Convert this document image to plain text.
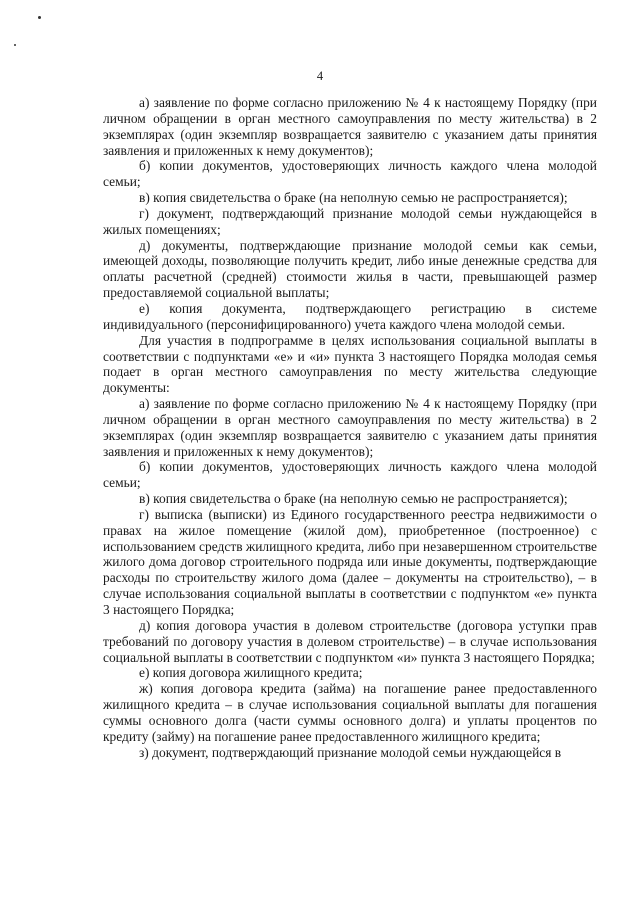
4

а) заявление по форме согласно приложению № 4 к настоящему Порядку (при личном обращении в орган местного самоуправления по месту жительства) в 2 экземплярах (один экземпляр возвращается заявителю с указанием даты принятия заявления и приложенных к нему документов);

б) копии документов, удостоверяющих личность каждого члена молодой семьи;

в) копия свидетельства о браке (на неполную семью не распространяется);

г) документ, подтверждающий признание молодой семьи нуждающейся в жилых помещениях;

д) документы, подтверждающие признание молодой семьи как семьи, имеющей доходы, позволяющие получить кредит, либо иные денежные средства для оплаты расчетной (средней) стоимости жилья в части, превышающей размер предоставляемой социальной выплаты;

е) копия документа, подтверждающего регистрацию в системе индивидуального (персонифицированного) учета каждого члена молодой семьи.

Для участия в подпрограмме в целях использования социальной выплаты в соответствии с подпунктами «е» и «и» пункта 3 настоящего Порядка молодая семья подает в орган местного самоуправления по месту жительства следующие документы:

а) заявление по форме согласно приложению № 4 к настоящему Порядку (при личном обращении в орган местного самоуправления по месту жительства) в 2 экземплярах (один экземпляр возвращается заявителю с указанием даты принятия заявления и приложенных к нему документов);

б) копии документов, удостоверяющих личность каждого члена молодой семьи;

в) копия свидетельства о браке (на неполную семью не распространяется);

г) выписка (выписки) из Единого государственного реестра недвижимости о правах на жилое помещение (жилой дом), приобретенное (построенное) с использованием средств жилищного кредита, либо при незавершенном строительстве жилого дома договор строительного подряда или иные документы, подтверждающие расходы по строительству жилого дома (далее – документы на строительство), – в случае использования социальной выплаты в соответствии с подпунктом «е» пункта 3 настоящего Порядка;

д) копия договора участия в долевом строительстве (договора уступки прав требований по договору участия в долевом строительстве) – в случае использования социальной выплаты в соответствии с подпунктом «и» пункта 3 настоящего Порядка;

е) копия договора жилищного кредита;

ж) копия договора кредита (займа) на погашение ранее предоставленного жилищного кредита – в случае использования социальной выплаты для погашения суммы основного долга (части суммы основного долга) и уплаты процентов по кредиту (займу) на погашение ранее предоставленного жилищного кредита;

з) документ, подтверждающий признание молодой семьи нуждающейся в
